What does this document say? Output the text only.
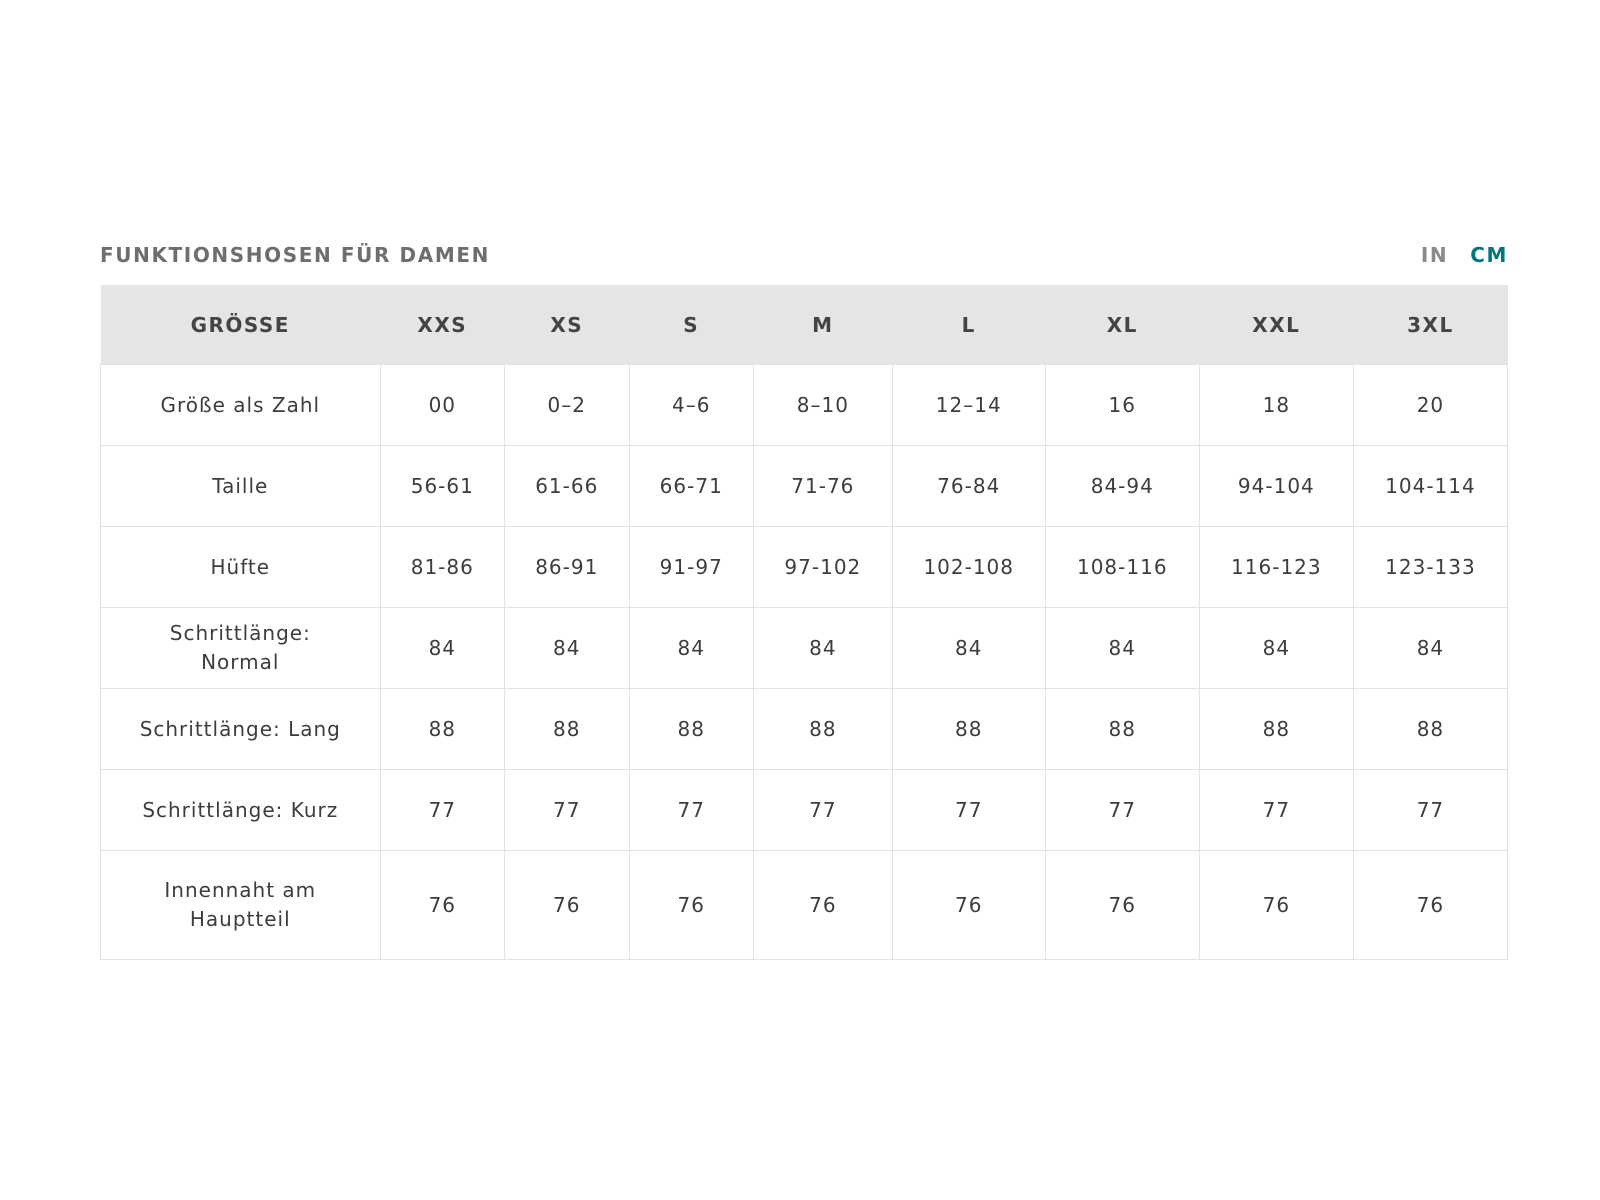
FUNKTIONSHOSEN FÜR DAMEN	IN CM
GRÖSSE	XXS	XS	S	M	L	XL	XXL	3XL
Größe als Zahl	00	0–2	4–6	8–10	12–14	16	18	20
Taille	56-61	61-66	66-71	71-76	76-84	84-94	94-104	104-114
Hüfte	81-86	86-91	91-97	97-102	102-108	108-116	116-123	123-133
Schrittlänge: Normal	84	84	84	84	84	84	84	84
Schrittlänge: Lang	88	88	88	88	88	88	88	88
Schrittlänge: Kurz	77	77	77	77	77	77	77	77
Innennaht am Hauptteil	76	76	76	76	76	76	76	76
